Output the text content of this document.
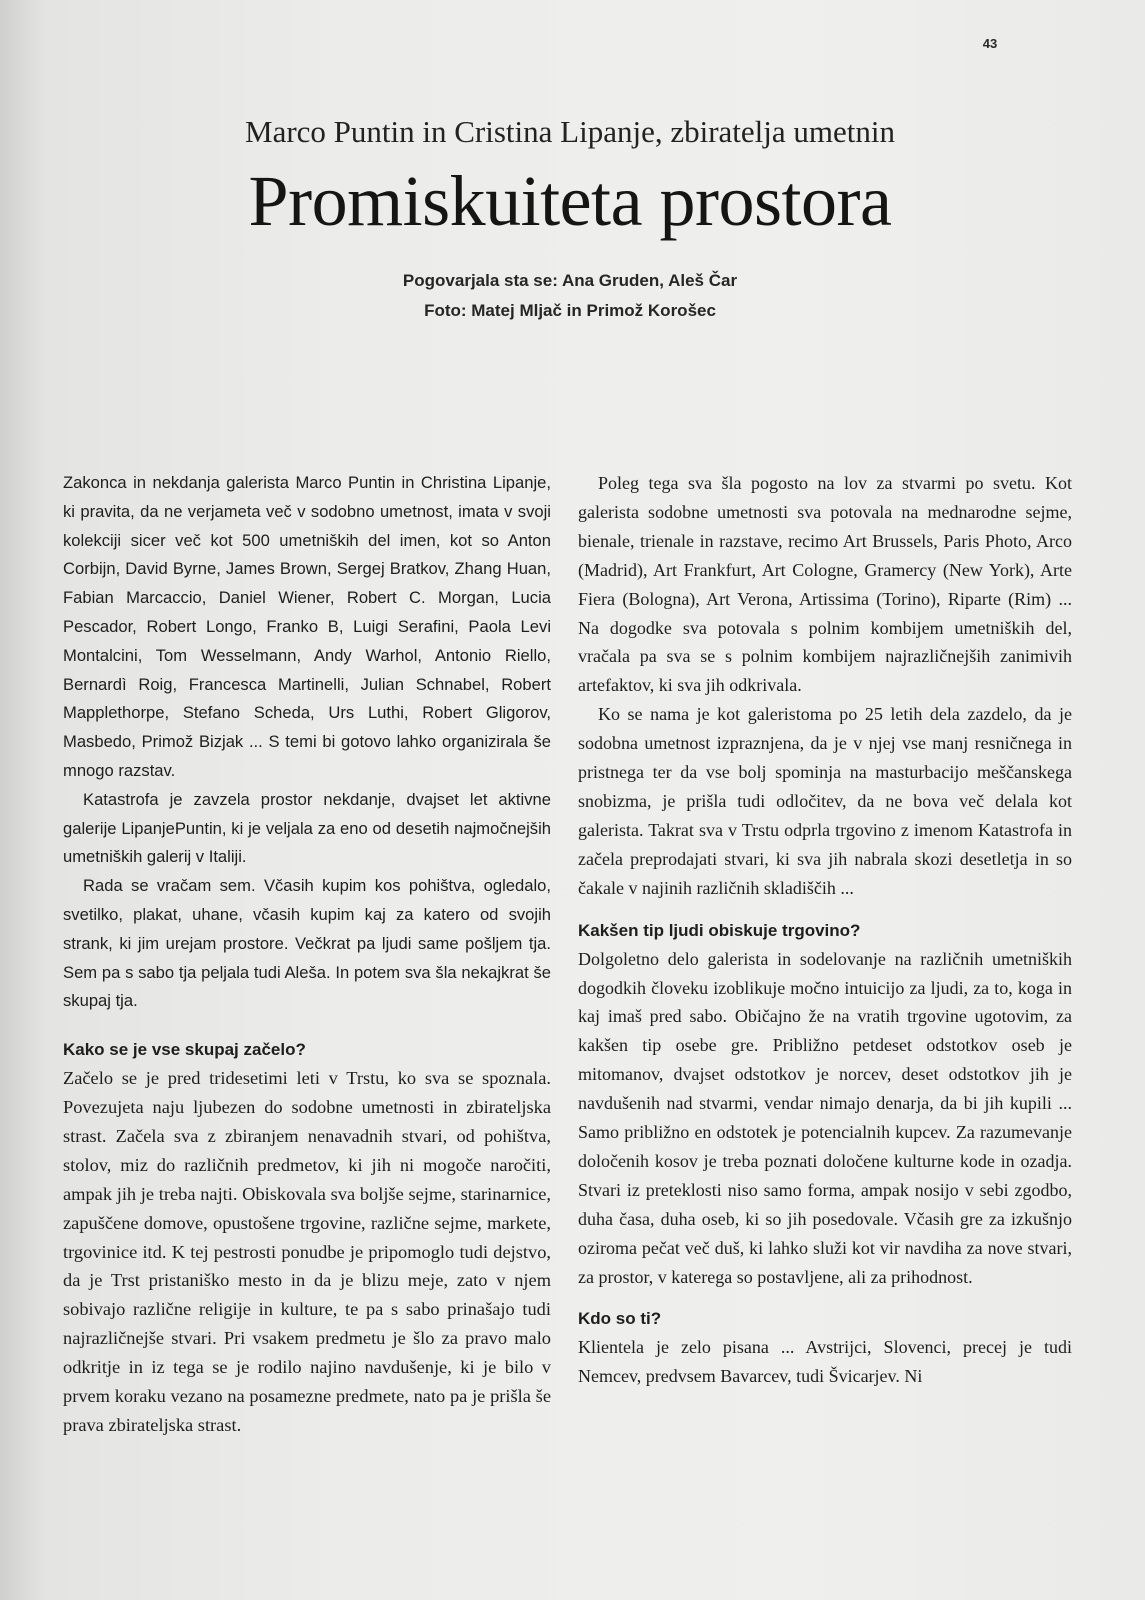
43
Marco Puntin in Cristina Lipanje, zbiratelja umetnin
Promiskuiteta prostora
Pogovarjala sta se: Ana Gruden, Aleš Čar
Foto: Matej Mljač in Primož Korošec

Zakonca in nekdanja galerista Marco Puntin in Christina Lipanje, ki pravita, da ne verjameta več v sodobno umetnost, imata v svoji kolekciji sicer več kot 500 umetniških del imen, kot so Anton Corbijn, David Byrne, James Brown, Sergej Bratkov, Zhang Huan, Fabian Marcaccio, Daniel Wiener, Robert C. Morgan, Lucia Pescador, Robert Longo, Franko B, Luigi Serafini, Paola Levi Montalcini, Tom Wesselmann, Andy Warhol, Antonio Riello, Bernardì Roig, Francesca Martinelli, Julian Schnabel, Robert Mapplethorpe, Stefano Scheda, Urs Luthi, Robert Gligorov, Masbedo, Primož Bizjak ... S temi bi gotovo lahko organizirala še mnogo razstav.

Katastrofa je zavzela prostor nekdanje, dvajset let aktivne galerije LipanjePuntin, ki je veljala za eno od desetih najmočnejših umetniških galerij v Italiji.

Rada se vračam sem. Včasih kupim kos pohištva, ogledalo, svetilko, plakat, uhane, včasih kupim kaj za katero od svojih strank, ki jim urejam prostore. Večkrat pa ljudi same pošljem tja. Sem pa s sabo tja peljala tudi Aleša. In potem sva šla nekajkrat še skupaj tja.

Kako se je vse skupaj začelo?

Začelo se je pred tridesetimi leti v Trstu, ko sva se spoznala. Povezujeta naju ljubezen do sodobne umetnosti in zbirateljska strast. Začela sva z zbiranjem nenavadnih stvari, od pohištva, stolov, miz do različnih predmetov, ki jih ni mogoče naročiti, ampak jih je treba najti. Obiskovala sva boljše sejme, starinarnice, zapuščene domove, opustošene trgovine, različne sejme, markete, trgovinice itd. K tej pestrosti ponudbe je pripomoglo tudi dejstvo, da je Trst pristaniško mesto in da je blizu meje, zato v njem sobivajo različne religije in kulture, te pa s sabo prinašajo tudi najrazličnejše stvari. Pri vsakem predmetu je šlo za pravo malo odkritje in iz tega se je rodilo najino navdušenje, ki je bilo v prvem koraku vezano na posamezne predmete, nato pa je prišla še prava zbirateljska strast.

Poleg tega sva šla pogosto na lov za stvarmi po svetu. Kot galerista sodobne umetnosti sva potovala na mednarodne sejme, bienale, trienale in razstave, recimo Art Brussels, Paris Photo, Arco (Madrid), Art Frankfurt, Art Cologne, Gramercy (New York), Arte Fiera (Bologna), Art Verona, Artissima (Torino), Riparte (Rim) ... Na dogodke sva potovala s polnim kombijem umetniških del, vračala pa sva se s polnim kombijem najrazličnejših zanimivih artefaktov, ki sva jih odkrivala.

Ko se nama je kot galeristoma po 25 letih dela zazdelo, da je sodobna umetnost izpraznjena, da je v njej vse manj resničnega in pristnega ter da vse bolj spominja na masturbacijo meščanskega snobizma, je prišla tudi odločitev, da ne bova več delala kot galerista. Takrat sva v Trstu odprla trgovino z imenom Katastrofa in začela preprodajati stvari, ki sva jih nabrala skozi desetletja in so čakale v najinih različnih skladiščih ...

Kakšen tip ljudi obiskuje trgovino?

Dolgoletno delo galerista in sodelovanje na različnih umetniških dogodkih človeku izoblikuje močno intuicijo za ljudi, za to, koga in kaj imaš pred sabo. Običajno že na vratih trgovine ugotovim, za kakšen tip osebe gre. Približno petdeset odstotkov oseb je mitomanov, dvajset odstotkov je norcev, deset odstotkov jih je navdušenih nad stvarmi, vendar nimajo denarja, da bi jih kupili ... Samo približno en odstotek je potencialnih kupcev. Za razumevanje določenih kosov je treba poznati določene kulturne kode in ozadja. Stvari iz preteklosti niso samo forma, ampak nosijo v sebi zgodbo, duha časa, duha oseb, ki so jih posedovale. Včasih gre za izkušnjo oziroma pečat več duš, ki lahko služi kot vir navdiha za nove stvari, za prostor, v katerega so postavljene, ali za prihodnost.

Kdo so ti?

Klientela je zelo pisana ... Avstrijci, Slovenci, precej je tudi Nemcev, predvsem Bavarcev, tudi Švicarjev. Ni
